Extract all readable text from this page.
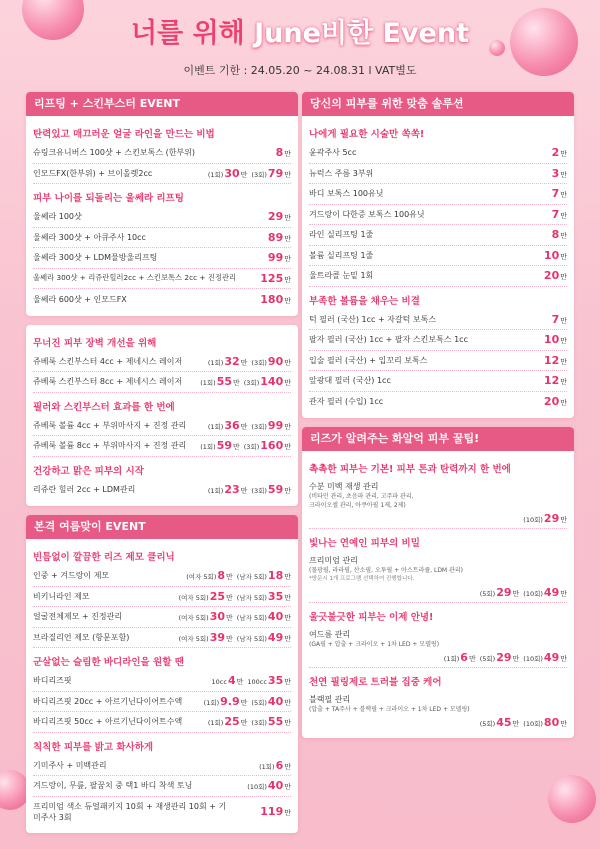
너를 위해 June비한 Event
이벤트 기한 : 24.05.20 ~ 24.08.31 l VAT별도
리프팅 + 스킨부스터 EVENT
탄력있고 매끄러운 얼굴 라인을 만드는 비법
슈링크유니버스 100샷 + 스킨보톡스 (한부위)	8만
인모드FX(한부위) + 브이올렛2cc	(1회)30만 (3회)79만
피부 나이를 되돌리는 울쎄라 리프팅
울쎄라 100샷	29만
울쎄라 300샷 + 아큐주사 10cc	89만
울쎄라 300샷 + LDM물방울리프팅	99만
울쎄라 300샷 + 리쥬란힐러2cc + 스킨보톡스 2cc + 진정관리	125만
울쎄라 600샷 + 인모드FX	180만
무너진 피부 장벽 개선을 위해
쥬베룩 스킨부스터 4cc + 제네시스 레이저	(1회)32만 (3회)90만
쥬베룩 스킨부스터 8cc + 제네시스 레이저	(1회)55만 (3회)140만
필러와 스킨부스터 효과를 한 번에
쥬베룩 볼륨 4cc + 부위마사지 + 진정 관리	(1회)36만 (3회)99만
쥬베룩 볼륨 8cc + 부위마사지 + 진정 관리	(1회)59만 (3회)160만
건강하고 맑은 피부의 시작
리쥬란 힐러 2cc + LDM관리	(1회)23만 (3회)59만
본격 여름맞이 EVENT
빈틈없이 깔끔한 리즈 제모 클리닉
인중 + 겨드랑이 제모	(여자 5회)8만 (남자 5회)18만
비키니라인 제모	(여자 5회)25만 (남자 5회)35만
얼굴전체제모 + 진정관리	(여자 5회)30만 (남자 5회)40만
브라질리언 제모 (항문포함)	(여자 5회)39만 (남자 5회)49만
군살없는 슬림한 바디라인을 원할 땐
바디리즈핏	10cc4만 100cc35만
바디리즈핏 20cc + 아르기닌다이어트수액	(1회)9.9만 (5회)40만
바디리즈핏 50cc + 아르기닌다이어트수액	(1회)25만 (3회)55만
칙칙한 피부를 밝고 화사하게
기미주사 + 미백관리	(1회)6만
겨드랑이, 무릎, 팔꿈치 중 택1 바디 착색 토닝	(10회)40만
프리미엄 색소 듀얼패키지 10회 + 재생관리 10회 + 기미주사 3회	119만
당신의 피부를 위한 맞춤 솔루션
나에게 필요한 시술만 쏙쏙!
윤곽주사 5cc	2만
뉴럭스 주름 3부위	3만
바디 보톡스 100유닛	7만
겨드랑이 다한증 보톡스 100유닛	7만
라인 실리프팅 1줄	8만
볼륨 실리프팅 1줄	10만
울트라콜 눈밑 1회	20만
부족한 볼륨을 채우는 비결
턱 필러 (국산) 1cc + 자갈턱 보톡스	7만
팔자 필러 (국산) 1cc + 팔자 스킨보톡스 1cc	10만
입술 필러 (국산) + 입꼬리 보톡스	12만
앞광대 필러 (국산) 1cc	12만
관자 필러 (수입) 1cc	20만
리즈가 알려주는 화알억 피부 꿀팁!
촉촉한 피부는 기본! 피부 톤과 탄력까지 한 번에
수분 미백 재생 관리
(비타민 관리, 초음파 관리, 고주파 관리,
크라이오셀 관리, 아쿠아필 1제, 2제)
(10회)29만
빛나는 연예인 피부의 비밀
프리미엄 관리
(물광필, 라라필, 산소필, 오투필 + 아스트라쥴, LDM 관리)
*방문시 1개 프로그램 선택하여 진행합니다.
(5회)29만 (10회)49만
울긋불긋한 피부는 이제 안녕!
여드름 관리
(GA필 + 압출 + 크라이오 + 1차 LED + 모델링)
(1회)6만 (5회)29만 (10회)49만
천연 필링제로 트러블 집중 케어
블랙필 관리
(압출 + TA주사 + 블랙필 + 크라이오 + 1차 LED + 모델링)
(5회)45만 (10회)80만
